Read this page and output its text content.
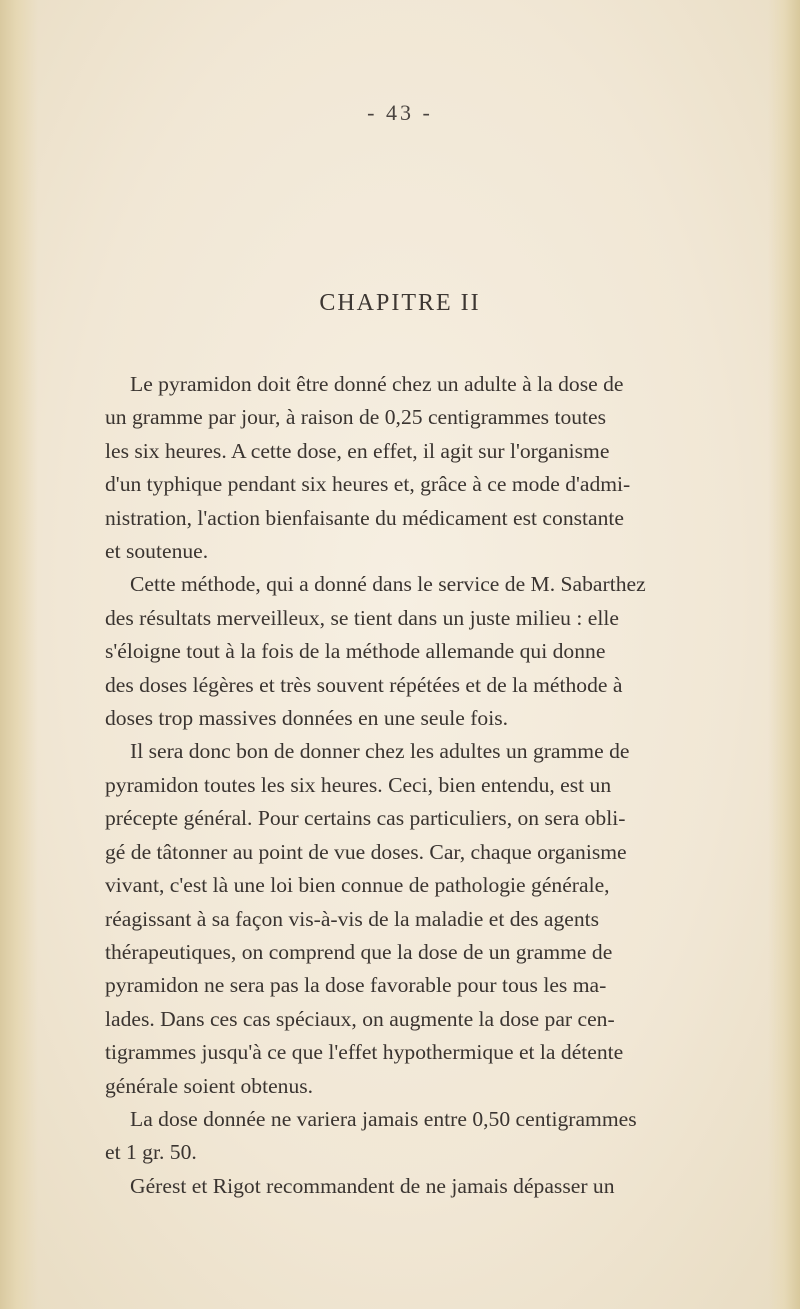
- 43 -
CHAPITRE II
Le pyramidon doit être donné chez un adulte à la dose de
un gramme par jour, à raison de 0,25 centigrammes toutes
les six heures. A cette dose, en effet, il agit sur l'organisme
d'un typhique pendant six heures et, grâce à ce mode d'admi-
nistration, l'action bienfaisante du médicament est constante
et soutenue.
Cette méthode, qui a donné dans le service de M. Sabarthez
des résultats merveilleux, se tient dans un juste milieu : elle
s'éloigne tout à la fois de la méthode allemande qui donne
des doses légères et très souvent répétées et de la méthode à
doses trop massives données en une seule fois.
Il sera donc bon de donner chez les adultes un gramme de
pyramidon toutes les six heures. Ceci, bien entendu, est un
précepte général. Pour certains cas particuliers, on sera obli-
gé de tâtonner au point de vue doses. Car, chaque organisme
vivant, c'est là une loi bien connue de pathologie générale,
réagissant à sa façon vis-à-vis de la maladie et des agents
thérapeutiques, on comprend que la dose de un gramme de
pyramidon ne sera pas la dose favorable pour tous les ma-
lades. Dans ces cas spéciaux, on augmente la dose par cen-
tigrammes jusqu'à ce que l'effet hypothermique et la détente
générale soient obtenus.
La dose donnée ne variera jamais entre 0,50 centigrammes
et 1 gr. 50.
Gérest et Rigot recommandent de ne jamais dépasser un
